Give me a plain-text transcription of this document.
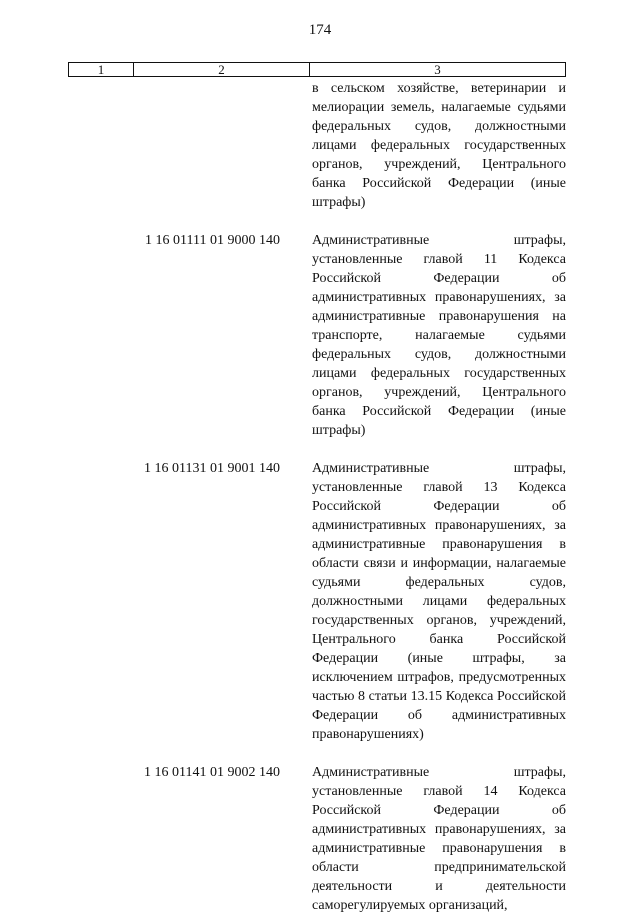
174
1	2	3

в сельском хозяйстве, ветеринарии и мелиорации земель, налагаемые судьями федеральных судов, должностными лицами федеральных государственных органов, учреждений, Центрального банка Российской Федерации (иные штрафы)

1 16 01111 01 9000 140	Административные штрафы, установленные главой 11 Кодекса Российской Федерации об административных правонарушениях, за административные правонарушения на транспорте, налагаемые судьями федеральных судов, должностными лицами федеральных государственных органов, учреждений, Центрального банка Российской Федерации (иные штрафы)

1 16 01131 01 9001 140	Административные штрафы, установленные главой 13 Кодекса Российской Федерации об административных правонарушениях, за административные правонарушения в области связи и информации, налагаемые судьями федеральных судов, должностными лицами федеральных государственных органов, учреждений, Центрального банка Российской Федерации (иные штрафы, за исключением штрафов, предусмотренных частью 8 статьи 13.15 Кодекса Российской Федерации об административных правонарушениях)

1 16 01141 01 9002 140	Административные штрафы, установленные главой 14 Кодекса Российской Федерации об административных правонарушениях, за административные правонарушения в области предпринимательской деятельности и деятельности саморегулируемых организаций,
